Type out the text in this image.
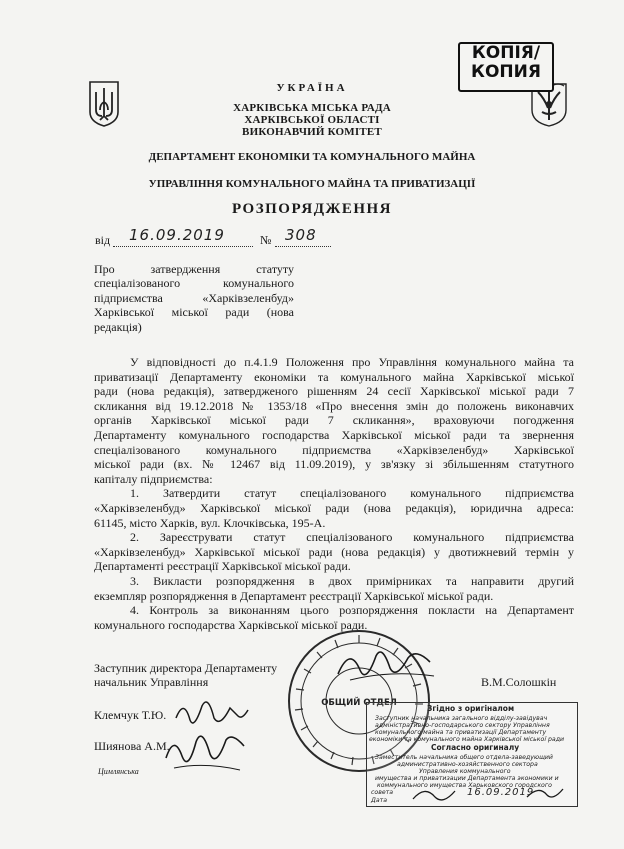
КОПІЯ/
КОПИЯ
УКРАЇНА
ХАРКІВСЬКА МІСЬКА РАДА
ХАРКІВСЬКОЇ ОБЛАСТІ
ВИКОНАВЧИЙ КОМІТЕТ
ДЕПАРТАМЕНТ ЕКОНОМІКИ ТА КОМУНАЛЬНОГО МАЙНА
УПРАВЛІННЯ КОМУНАЛЬНОГО МАЙНА ТА ПРИВАТИЗАЦІЇ
РОЗПОРЯДЖЕННЯ
від 16.09.2019	№ 308
Про затвердження статуту
спеціалізованого комунального
підприємства «Харківзеленбуд»
Харківської міської ради (нова
редакція)
У відповідності до п.4.1.9 Положення про Управління комунального майна та
приватизації Департаменту економіки та комунального майна Харківської міської
ради (нова редакція), затвердженого рішенням 24 сесії Харківської міської ради 7
скликання від 19.12.2018 № 1353/18 «Про внесення змін до положень виконавчих
органів Харківської міської ради 7 скликання», враховуючи погодження
Департаменту комунального господарства Харківської міської ради та звернення
спеціалізованого комунального підприємства «Харківзеленбуд» Харківської
міської ради (вх. № 12467 від 11.09.2019), у зв'язку зі збільшенням статутного
капіталу підприємства:
1. Затвердити статут спеціалізованого комунального підприємства
«Харківзеленбуд» Харківської міської ради (нова редакція), юридична адреса:
61145, місто Харків, вул. Клочківська, 195-А.
2. Зареєструвати статут спеціалізованого комунального підприємства
«Харківзеленбуд» Харківської міської ради (нова редакція) у двотижневий термін у
Департаменті реєстрації Харківської міської ради.
3. Викласти розпорядження в двох примірниках та направити другий
екземпляр розпорядження в Департамент реєстрації Харківської міської ради.
4. Контроль за виконанням цього розпорядження покласти на Департамент
комунального господарства Харківської міської ради.
ОБЩИЙ ОТДЕЛ
Заступник директора Департаменту
начальник Управління	В.М.Солошкін
Клемчук Т.Ю.
Шиянова А.М.
Цимлянська
Згідно з оригіналом
Заступник начальника загального відділу-завідувач
адміністративно-господарського сектору Управління
комунального майна та приватизації Департаменту
економіки та комунального майна Харківської міської ради
Согласно оригиналу
Заместитель начальника общего отдела-заведующий
административно-хозяйственного сектора
Управления коммунального
имущества и приватизации Департамента экономики и
коммунального имущества Харьковского городского
совета
Дата
16.09.2019
